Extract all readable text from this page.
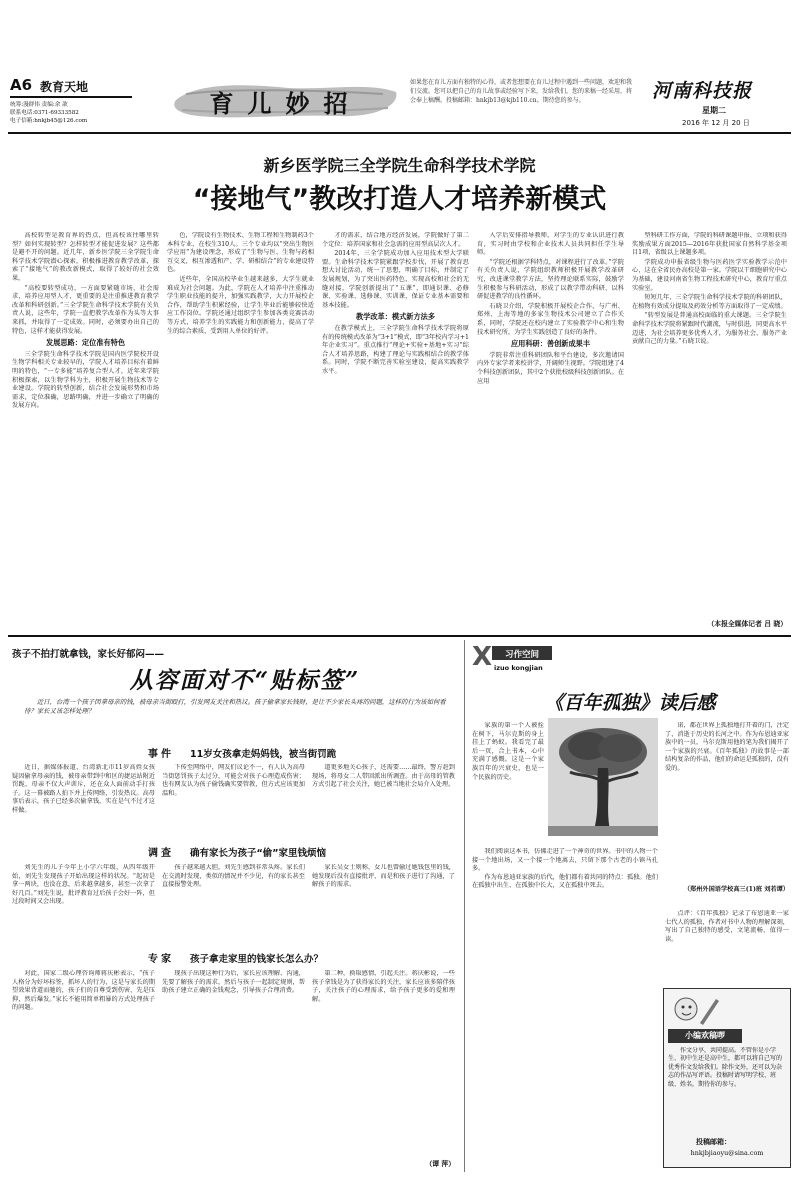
A6 教育天地
统筹:漫群伟 责编:余 歆
联系电话:0371-69333582
电子信箱:hnkjb45@126.com
育儿妙招
如果您在育儿方面有独特的心得，或者您想要在育儿过程中遇到一些问题，欢迎和我们交流。您可以把自己的育儿故事或经验写下来，发给我们，您的来稿一经采用，将会奉上稿酬。投稿邮箱：hnkjb13@kjb110.cn。期待您的参与。	河南科技报
星期二
2016 年 12 月 20 日
新乡医学院三全学院生命科学技术学院
“接地气”教改打造人才培养新模式

高校转型是教育界的热点，但高校该往哪里转型？如何实现转型？怎样转型才能促进发展？这些都是避不开的问题。近几年，新乡医学院三全学院生命科学技术学院潜心探索，积极推进教育教学改革，探索了“接地气”的教改新模式，取得了较好的社会效果。

“高校要转型成功，一方面要紧随市场，社会需求，培养应用型人才，更重要的是注重推进教育教学改革和科研创新。”三全学院生命科学技术学院有关负责人说，这些年，学院一直把教学改革作为头等大事来抓，并取得了一定成效。同时，必须要办出自己的特色，这样才能获得发展。

发展思路：定位准有特色

三全学院生命科学技术学院是国内医学院校开设生物学科相关专业较早的，学院人才培养目标有着鲜明的特色，“一专多能”培养复合型人才，近年来学院积极探索，以生物学科为主，积极开展生物技术等专业建设。学院的转型创新，结合社会发展形势和市场需求，定位准确，思路明确，并进一步确立了明确的发展方向。

色，学院设有生物技术、生物工程和生物制药3个本科专业，在校生310人。三个专业均以“突出生物医学应用”为建设理念，形成了“生物与医、生物与药相互交叉，相互渗透和产、学、研相结合”的专业建设特色。

近些年，全国高校毕业生越来越多，大学生就业难成为社会问题。为此，学院在人才培养中注重推动学生职业技能的提升，加强实践教学，大力开展校企合作，帮助学生积累经验，让学生毕业后能够较快适应工作岗位。学院还通过组织学生参加各类竞赛活动等方式，培养学生的实践能力和创新能力，提高了学生的综合素质，受到用人单位的好评。

才的需求，结合地方经济发展，学院做好了第二个定位：培养国家和社会急需的应用型高层次人才。

2014年，三全学院成功加入应用技术型大学联盟。生命科学技术学院紧跟学校步伐，开展了教育思想大讨论活动，统一了思想，明确了目标，并制定了发展规划，为了突出医药特色，实现高校和社会的无缝对接，学院创新提出了“五课”，即通识课、必修课、实验课、选修课、实训课，保证专业基本需要和基本技能。

教学改革：模式新方法多

在教学模式上，三全学院生命科学技术学院将原有的传统模式改革为“3+1”模式，即“3年校内学习+1年企业实习”。重点推行“理论+实验+基地+实习”综合人才培养思路，构建了理论与实践相结合的教学体系。同时，学院不断完善实验室建设，提高实践教学水平。

入学后安排指导教师，对学生的专业认识进行教育，实习时由学校和企业技术人员共同担任学生导师。

“学院还根据学科特点，对课程进行了改革。”学院有关负责人说，学院组织教师积极开展教学改革研究，改进课堂教学方法，坚持理论联系实际，鼓励学生积极参与科研活动，形成了以教学带动科研、以科研促进教学的良性循环。

石晓卫介绍，学院积极开展校企合作，与广州、郑州、上海等地的多家生物技术公司建立了合作关系，同时，学院还在校内建立了实验教学中心和生物技术研究所，为学生实践创造了良好的条件。

应用科研：善创新成果丰

学院非常注重科研团队和平台建设，多次邀请国内外专家学者来校讲学，开阔师生视野。学院组建了4个科技创新团队，其中2个获批校级科技创新团队。在应用

型科研工作方面，学院的科研课题申报、立项和获得奖励成果方面2015—2016年获批国家自然科学基金项目1项，省级以上课题多项。

学院成功申报省级生物与医药医学实验教学示范中心，这在全省民办高校是第一家。学院以干细胞研究中心为基础，建设河南省生物工程技术研究中心，教育厅重点实验室。

短短几年，三全学院生命科学技术学院的科研团队，在植物有效成分提取及药效分析等方面取得了一定成绩。

“转型发展是普通高校面临的重大课题。三全学院生命科学技术学院将紧跟时代潮流，与时俱进，同更高水平迈进，为社会培养更多优秀人才，为服务社会、服务产业贡献自己的力量。”石晓卫说。

（本报全媒体记者 吕 晓）
孩子不拍打就拿钱，家长好郁闷——
从容面对不“贴标签”
近日，台湾一个孩子因拿母亲的钱，被母亲当街殴打，引发网友关注和热议。孩子偷拿家长钱财，是让不少家长头疼的问题，这样的行为该如何看待？家长又该怎样处理？
事件 11岁女孩拿走妈妈钱，被当街罚跪

近日，据媒体报道，台湾新北市11岁高姓女孩疑因偷拿母亲的钱，被母亲带到中和区的捷运站附近罚跪，母亲不仅大声训斥，还在众人面前动手打孩子。这一幕被路人拍下并上传网络，引发热议。高母事后表示，孩子已经多次偷拿钱，实在是气不过才这样做。

下传至网络中，网友们议论不一，有人认为高母当街惩罚孩子太过分，可能会对孩子心理造成伤害；也有网友认为孩子偷钱确实要管教，但方式应该更加温和。

道更多地关心孩子，还需要……最终，警方赶到现场，将母女二人带回派出所调查。由于高母的管教方式引起了社会关注，她已被当地社会局介入处理。

调查 确有家长为孩子“偷”家里钱烦恼

刘先生的儿子今年上小学六年级，从四年级开始，刘先生发现孩子开始出现这样的状况。“起初是拿一两块，也没在意，后来越拿越多，甚至一次拿了好几百。”刘先生说，批评教育过后孩子会好一阵，但过段时间又会出现。

孩子越来越大胆，刘先生感到非常头疼。家长们在交流时发现，类似的情况并不少见，有的家长甚至直接报警处理。

家长吴女士则称，女儿也曾偷过她钱包里的钱，她发现后没有直接批评，而是和孩子进行了沟通，了解孩子的需求。

专家 孩子拿走家里的钱家长怎么办？

对此，国家二级心理咨询师蒋庆彬表示，“孩子人格分为好坏标签，抓坏人的行为，这是与家长的期望效果背道而驰的，孩子们的自尊受到伤害，先是压抑，然后爆发。”家长不能用简单粗暴的方式处理孩子的问题。

现孩子出现这种行为后，家长应该理解、沟通，先要了解孩子的需求，然后与孩子一起制定规则，帮助孩子建立正确的金钱观念，引导孩子合理消费。

第二种，换取感情，引起关注。蒋庆彬说，一些孩子拿钱是为了获得家长的关注，家长应该多陪伴孩子，关注孩子的心理需求，给予孩子更多的爱和理解。

（谭 萍）
X	习作空间
izuo kongjian
《百年孤独》读后感

家族的第一个人被拴在树下，马尔克斯的身上挂上了蚂蚁。我看完了最后一页，合上书本，心中充满了感慨。这是一个家族百年的兴衰史，也是一个民族的历史。

我们阅读这本书，仿佛走进了一个神奇的世界。书中的人物一个接一个地出场，又一个接一个地离去，只留下那个古老的小镇马孔多。

作为布恩迪亚家族的后代，他们都有着共同的特点：孤独。他们在孤独中出生，在孤独中长大，又在孤独中死去。

诺，都在世界上孤独地打开着的门，注定了，消逝于历史的长河之中。作为布恩迪亚家族中的一员，马尔克斯用他的笔为我们揭开了一个家族的兴衰。《百年孤独》的故事是一部结构复杂的作品，他们的命运是孤独的，没有爱的。

（郑州外国语学校高三(1)班 刘若谭）

点评：《百年孤独》记录了布恩迪亚一家七代人的孤独，作者对书中人物的理解深刻，写出了自己独特的感受，文笔流畅，值得一读。

小编欢稿啰
作文分享，共同提高。不管你是小学生、初中生还是高中生，都可以将自己写的优秀作文发给我们。除作文外，还可以为杂志的作品写评语。投稿时请写明学校、班级、姓名，期待你的参与。
投稿邮箱：
hnkjbjiaoyu@sina.com
